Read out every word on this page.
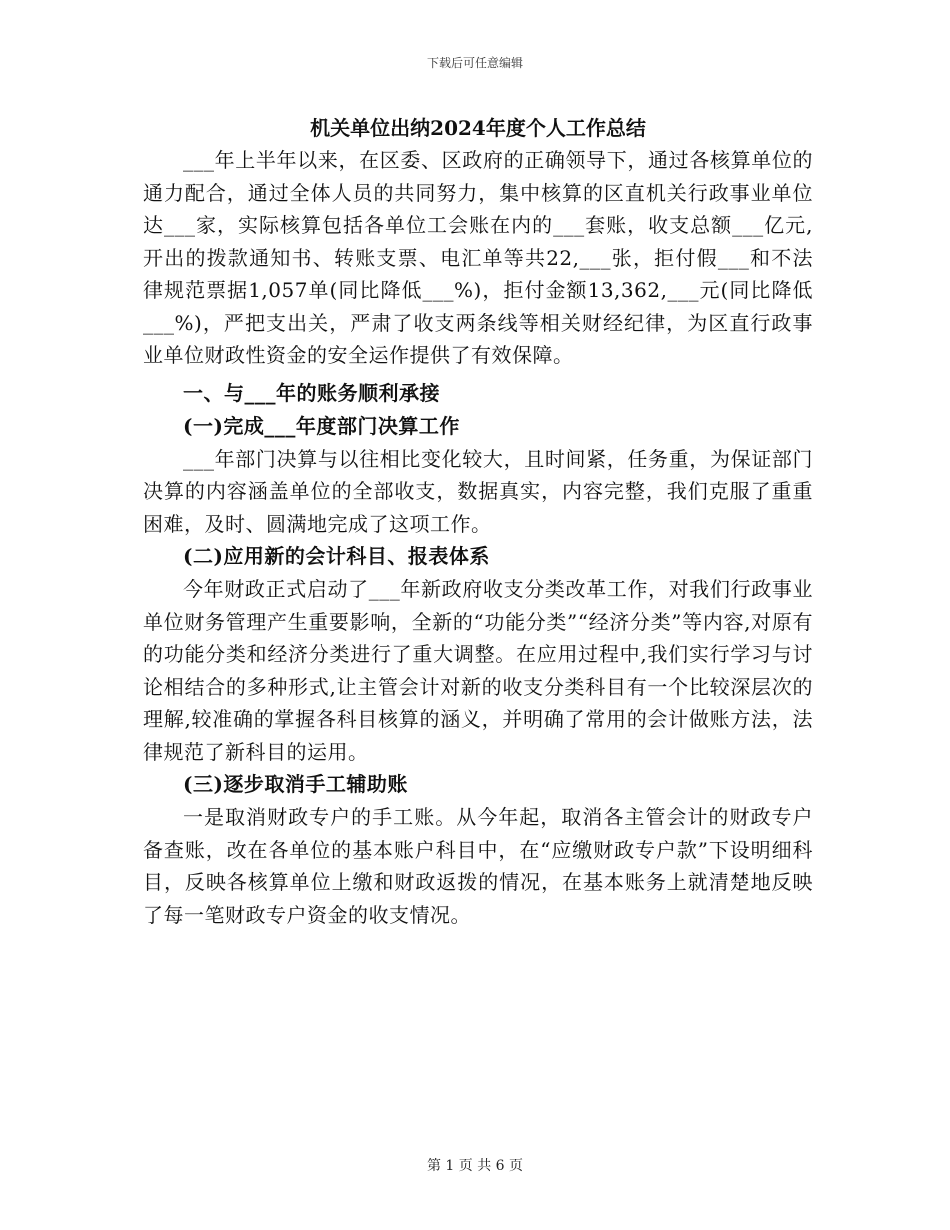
下载后可任意编辑
机关单位出纳2024年度个人工作总结

___年上半年以来，在区委、区政府的正确领导下，通过各核算单位的通力配合，通过全体人员的共同努力，集中核算的区直机关行政事业单位达___家，实际核算包括各单位工会账在内的___套账，收支总额___亿元,开出的拨款通知书、转账支票、电汇单等共22,___张，拒付假___和不法律规范票据1,057单(同比降低___%)，拒付金额13,362,___元(同比降低___%)，严把支出关，严肃了收支两条线等相关财经纪律，为区直行政事业单位财政性资金的安全运作提供了有效保障。

一、与___年的账务顺利承接

(一)完成___年度部门决算工作

___年部门决算与以往相比变化较大，且时间紧，任务重，为保证部门决算的内容涵盖单位的全部收支，数据真实，内容完整，我们克服了重重困难，及时、圆满地完成了这项工作。

(二)应用新的会计科目、报表体系

今年财政正式启动了___年新政府收支分类改革工作，对我们行政事业单位财务管理产生重要影响，全新的“功能分类”“经济分类”等内容,对原有的功能分类和经济分类进行了重大调整。在应用过程中,我们实行学习与讨论相结合的多种形式,让主管会计对新的收支分类科目有一个比较深层次的理解,较准确的掌握各科目核算的涵义，并明确了常用的会计做账方法，法律规范了新科目的运用。

(三)逐步取消手工辅助账

一是取消财政专户的手工账。从今年起，取消各主管会计的财政专户备查账，改在各单位的基本账户科目中，在“应缴财政专户款”下设明细科目，反映各核算单位上缴和财政返拨的情况，在基本账务上就清楚地反映了每一笔财政专户资金的收支情况。

第 1 页 共 6 页
